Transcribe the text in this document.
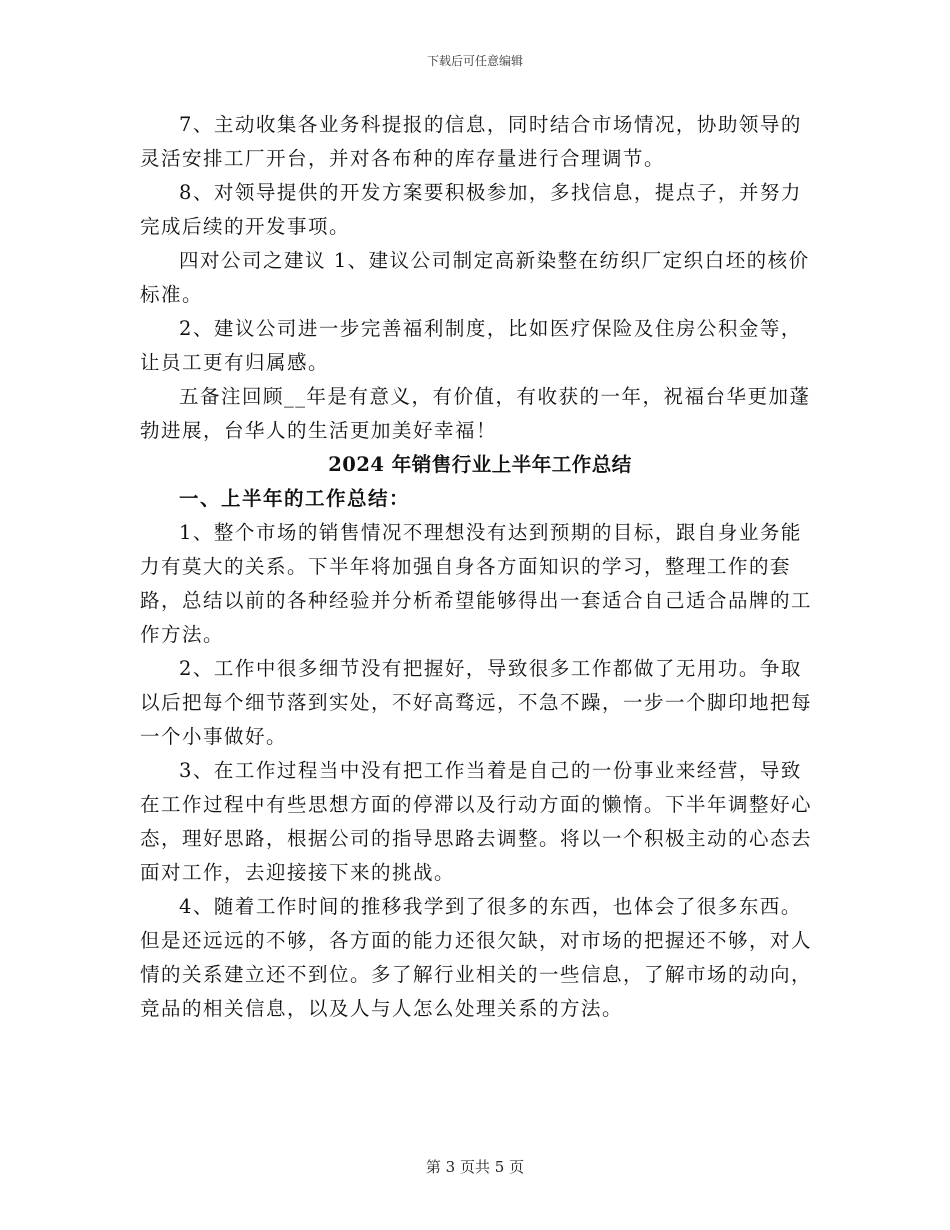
下载后可任意编辑

7、主动收集各业务科提报的信息，同时结合市场情况，协助领导的灵活安排工厂开台，并对各布种的库存量进行合理调节。

8、对领导提供的开发方案要积极参加，多找信息，提点子，并努力完成后续的开发事项。

四对公司之建议 1、建议公司制定高新染整在纺织厂定织白坯的核价标准。

2、建议公司进一步完善福利制度，比如医疗保险及住房公积金等，让员工更有归属感。

五备注回顾__年是有意义，有价值，有收获的一年，祝福台华更加蓬勃进展，台华人的生活更加美好幸福！

2024 年销售行业上半年工作总结
一、上半年的工作总结：

1、整个市场的销售情况不理想没有达到预期的目标，跟自身业务能力有莫大的关系。下半年将加强自身各方面知识的学习，整理工作的套路，总结以前的各种经验并分析希望能够得出一套适合自己适合品牌的工作方法。

2、工作中很多细节没有把握好，导致很多工作都做了无用功。争取以后把每个细节落到实处，不好高骛远，不急不躁，一步一个脚印地把每一个小事做好。

3、在工作过程当中没有把工作当着是自己的一份事业来经营，导致在工作过程中有些思想方面的停滞以及行动方面的懒惰。下半年调整好心态，理好思路，根据公司的指导思路去调整。将以一个积极主动的心态去面对工作，去迎接接下来的挑战。

4、随着工作时间的推移我学到了很多的东西，也体会了很多东西。但是还远远的不够，各方面的能力还很欠缺，对市场的把握还不够，对人情的关系建立还不到位。多了解行业相关的一些信息，了解市场的动向，竞品的相关信息，以及人与人怎么处理关系的方法。

第 3 页共 5 页
